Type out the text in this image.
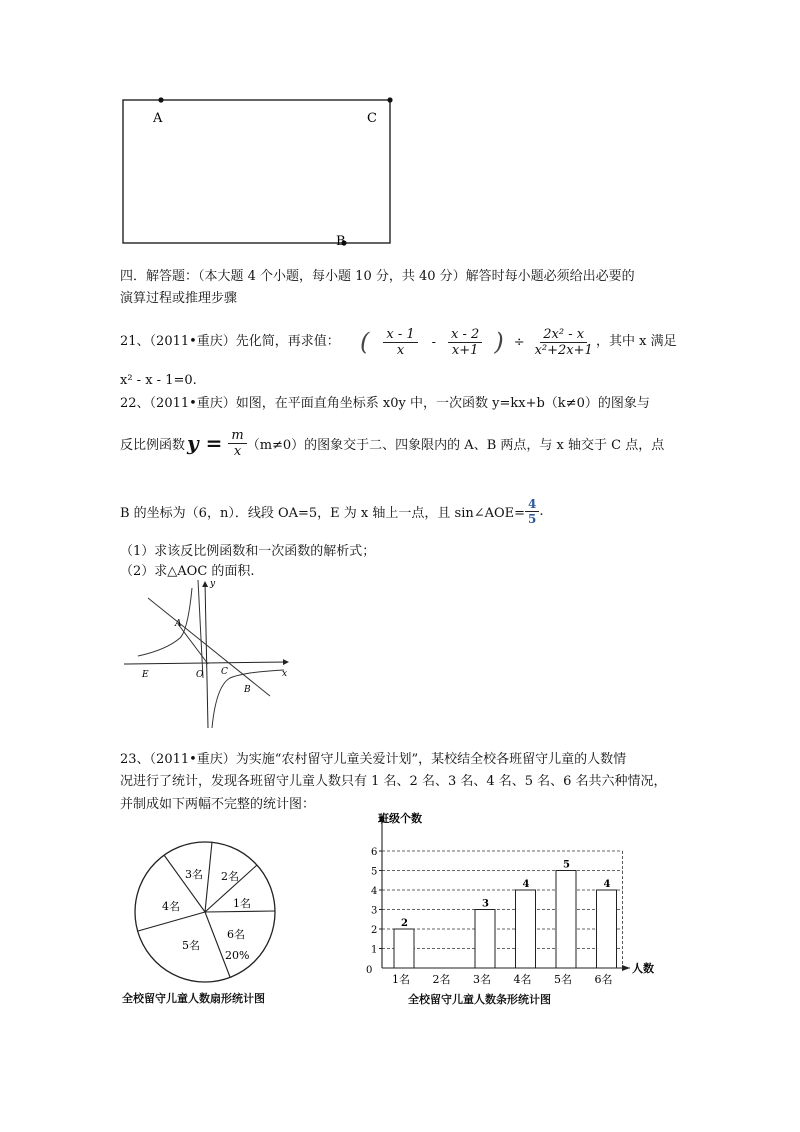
A	C
B
四．解答题：（本大题 4 个小题，每小题 10 分，共 40 分）解答时每小题必须给出必要的
演算过程或推理步骤
21、（2011•重庆）先化简，再求值： ( $\frac{x - 1}{x} - \frac{x - 2}{x+1}$ ) ÷ $\frac{\text{2x² - x}}{\text{x²+2x+1}}$ ，其中 x 满足
x² - x - 1=0.
22、（2011•重庆）如图，在平面直角坐标系 x0y 中，一次函数 y=kx+b（k≠0）的图象与
反比例函数 $y = \frac{m}{x} (m\ne 0)$的图象交于二、四象限内的 A、B 两点，与 x 轴交于 C 点，点
B 的坐标为（6，n）．线段 OA=5，E 为 x 轴上一点，且 sin∠AOE= $\frac{4}{5}$ .
（1）求该反比例函数和一次函数的解析式；
（2）求△AOC 的面积.
y
x
A
O C
E
B
23、（2011•重庆）为实施“农村留守儿童关爱计划”，某校结全校各班留守儿童的人数情
况进行了统计，发现各班留守儿童人数只有 1 名、2 名、3 名、4 名、5 名、6 名共六种情况，
并制成如下两幅不完整的统计图：
3名 2名
1名
4名
6名
20%
5名
全校留守儿童人数扇形统计图
班级个数
人数
0
1
2
3
4
5
6
1名
2
2名 3名
3
4名
4
5名
5
6名
4
全校留守儿童人数条形统计图
